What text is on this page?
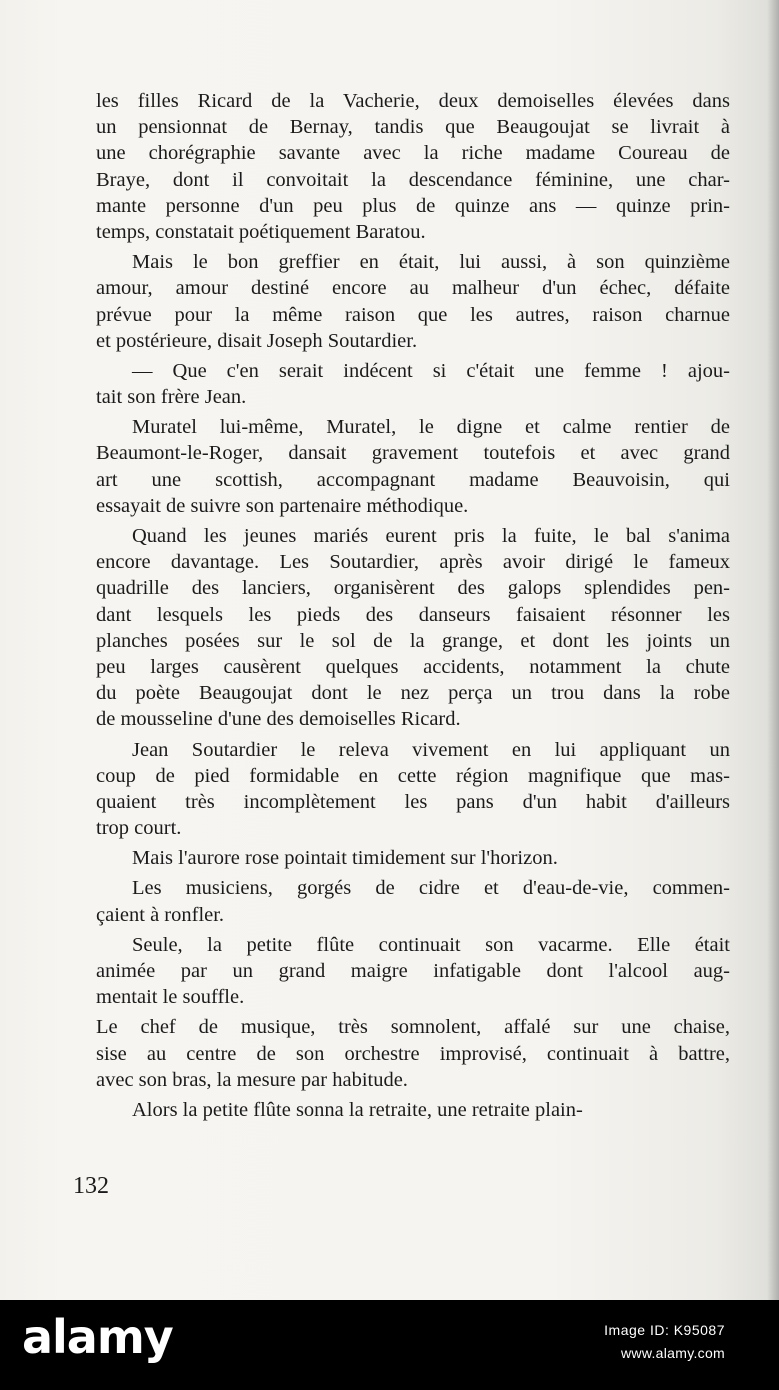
les filles Ricard de la Vacherie, deux demoiselles élevées dans
un pensionnat de Bernay, tandis que Beaugoujat se livrait à
une chorégraphie savante avec la riche madame Coureau de
Braye, dont il convoitait la descendance féminine, une char-
mante personne d'un peu plus de quinze ans — quinze prin-
temps, constatait poétiquement Baratou.
Mais le bon greffier en était, lui aussi, à son quinzième
amour, amour destiné encore au malheur d'un échec, défaite
prévue pour la même raison que les autres, raison charnue
et postérieure, disait Joseph Soutardier.
— Que c'en serait indécent si c'était une femme ! ajou-
tait son frère Jean.
Muratel lui-même, Muratel, le digne et calme rentier de
Beaumont-le-Roger, dansait gravement toutefois et avec grand
art une scottish, accompagnant madame Beauvoisin, qui
essayait de suivre son partenaire méthodique.
Quand les jeunes mariés eurent pris la fuite, le bal s'anima
encore davantage. Les Soutardier, après avoir dirigé le fameux
quadrille des lanciers, organisèrent des galops splendides pen-
dant lesquels les pieds des danseurs faisaient résonner les
planches posées sur le sol de la grange, et dont les joints un
peu larges causèrent quelques accidents, notamment la chute
du poète Beaugoujat dont le nez perça un trou dans la robe
de mousseline d'une des demoiselles Ricard.
Jean Soutardier le releva vivement en lui appliquant un
coup de pied formidable en cette région magnifique que mas-
quaient très incomplètement les pans d'un habit d'ailleurs
trop court.
Mais l'aurore rose pointait timidement sur l'horizon.
Les musiciens, gorgés de cidre et d'eau-de-vie, commen-
çaient à ronfler.
Seule, la petite flûte continuait son vacarme. Elle était
animée par un grand maigre infatigable dont l'alcool aug-
mentait le souffle.
Le chef de musique, très somnolent, affalé sur une chaise,
sise au centre de son orchestre improvisé, continuait à battre,
avec son bras, la mesure par habitude.
Alors la petite flûte sonna la retraite, une retraite plain-
132
alamy	Image ID: K95087
www.alamy.com
